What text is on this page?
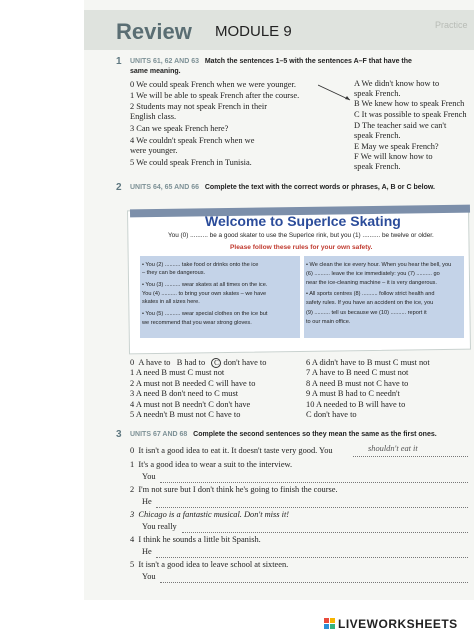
Review MODULE 9	Practice
1 UNITS 61, 62 AND 63 Match the sentences 1–5 with the sentences A–F that have the
same meaning.
0 We could speak French when we were younger.
1 We will be able to speak French after the course.
2 Students may not speak French in their
English class.
3 Can we speak French here?
4 We couldn't speak French when we
were younger.
5 We could speak French in Tunisia.
A We didn't know how to
speak French.
B We knew how to speak French
C It was possible to speak French
D The teacher said we can't
speak French.
E May we speak French?
F We will know how to
speak French.
2 UNITS 64, 65 AND 66 Complete the text with the correct words or phrases, A, B or C below.
Welcome to SuperIce Skating
You (0) .......... be a good skater to use the SuperIce rink, but you (1) .......... be twelve or older.
Please follow these rules for your own safety.
• You (2) .......... take food or drinks onto the ice
– they can be dangerous.
• You (3) .......... wear skates at all times on the ice.
You (4) .......... to bring your own skates – we have
skates in all sizes here.
• You (5) .......... wear special clothes on the ice but
we recommend that you wear strong gloves.
• We clean the ice every hour. When you hear the bell, you
(6) .......... leave the ice immediately: you (7) .......... go
near the ice-cleaning machine – it is very dangerous.
• All sports centres (8) .......... follow strict health and
safety rules. If you have an accident on the ice, you
(9) .......... tell us because we (10) .......... report it
to our main office.
0  A have to   B had to   C don't have to
1 A need B must C must not
2 A must not B needed C will have to
3 A need B don't need to C must
4 A must not B needn't C don't have
5 A needn't B must not C have to
6 A didn't have to B must C must not
7 A have to B need C must not
8 A need B must not C have to
9 A must B had to C needn't
10 A needed to B will have to
C don't have to
3 UNITS 67 AND 68 Complete the second sentences so they mean the same as the first ones.
0 It isn't a good idea to eat it. It doesn't taste very good. You	shouldn't eat it
1 It's a good idea to wear a suit to the interview.
You
2 I'm not sure but I don't think he's going to finish the course.
He
3 Chicago is a fantastic musical. Don't miss it!
You really
4 I think he sounds a little bit Spanish.
He
5 It isn't a good idea to leave school at sixteen.
You
LIVEWORKSHEETS
